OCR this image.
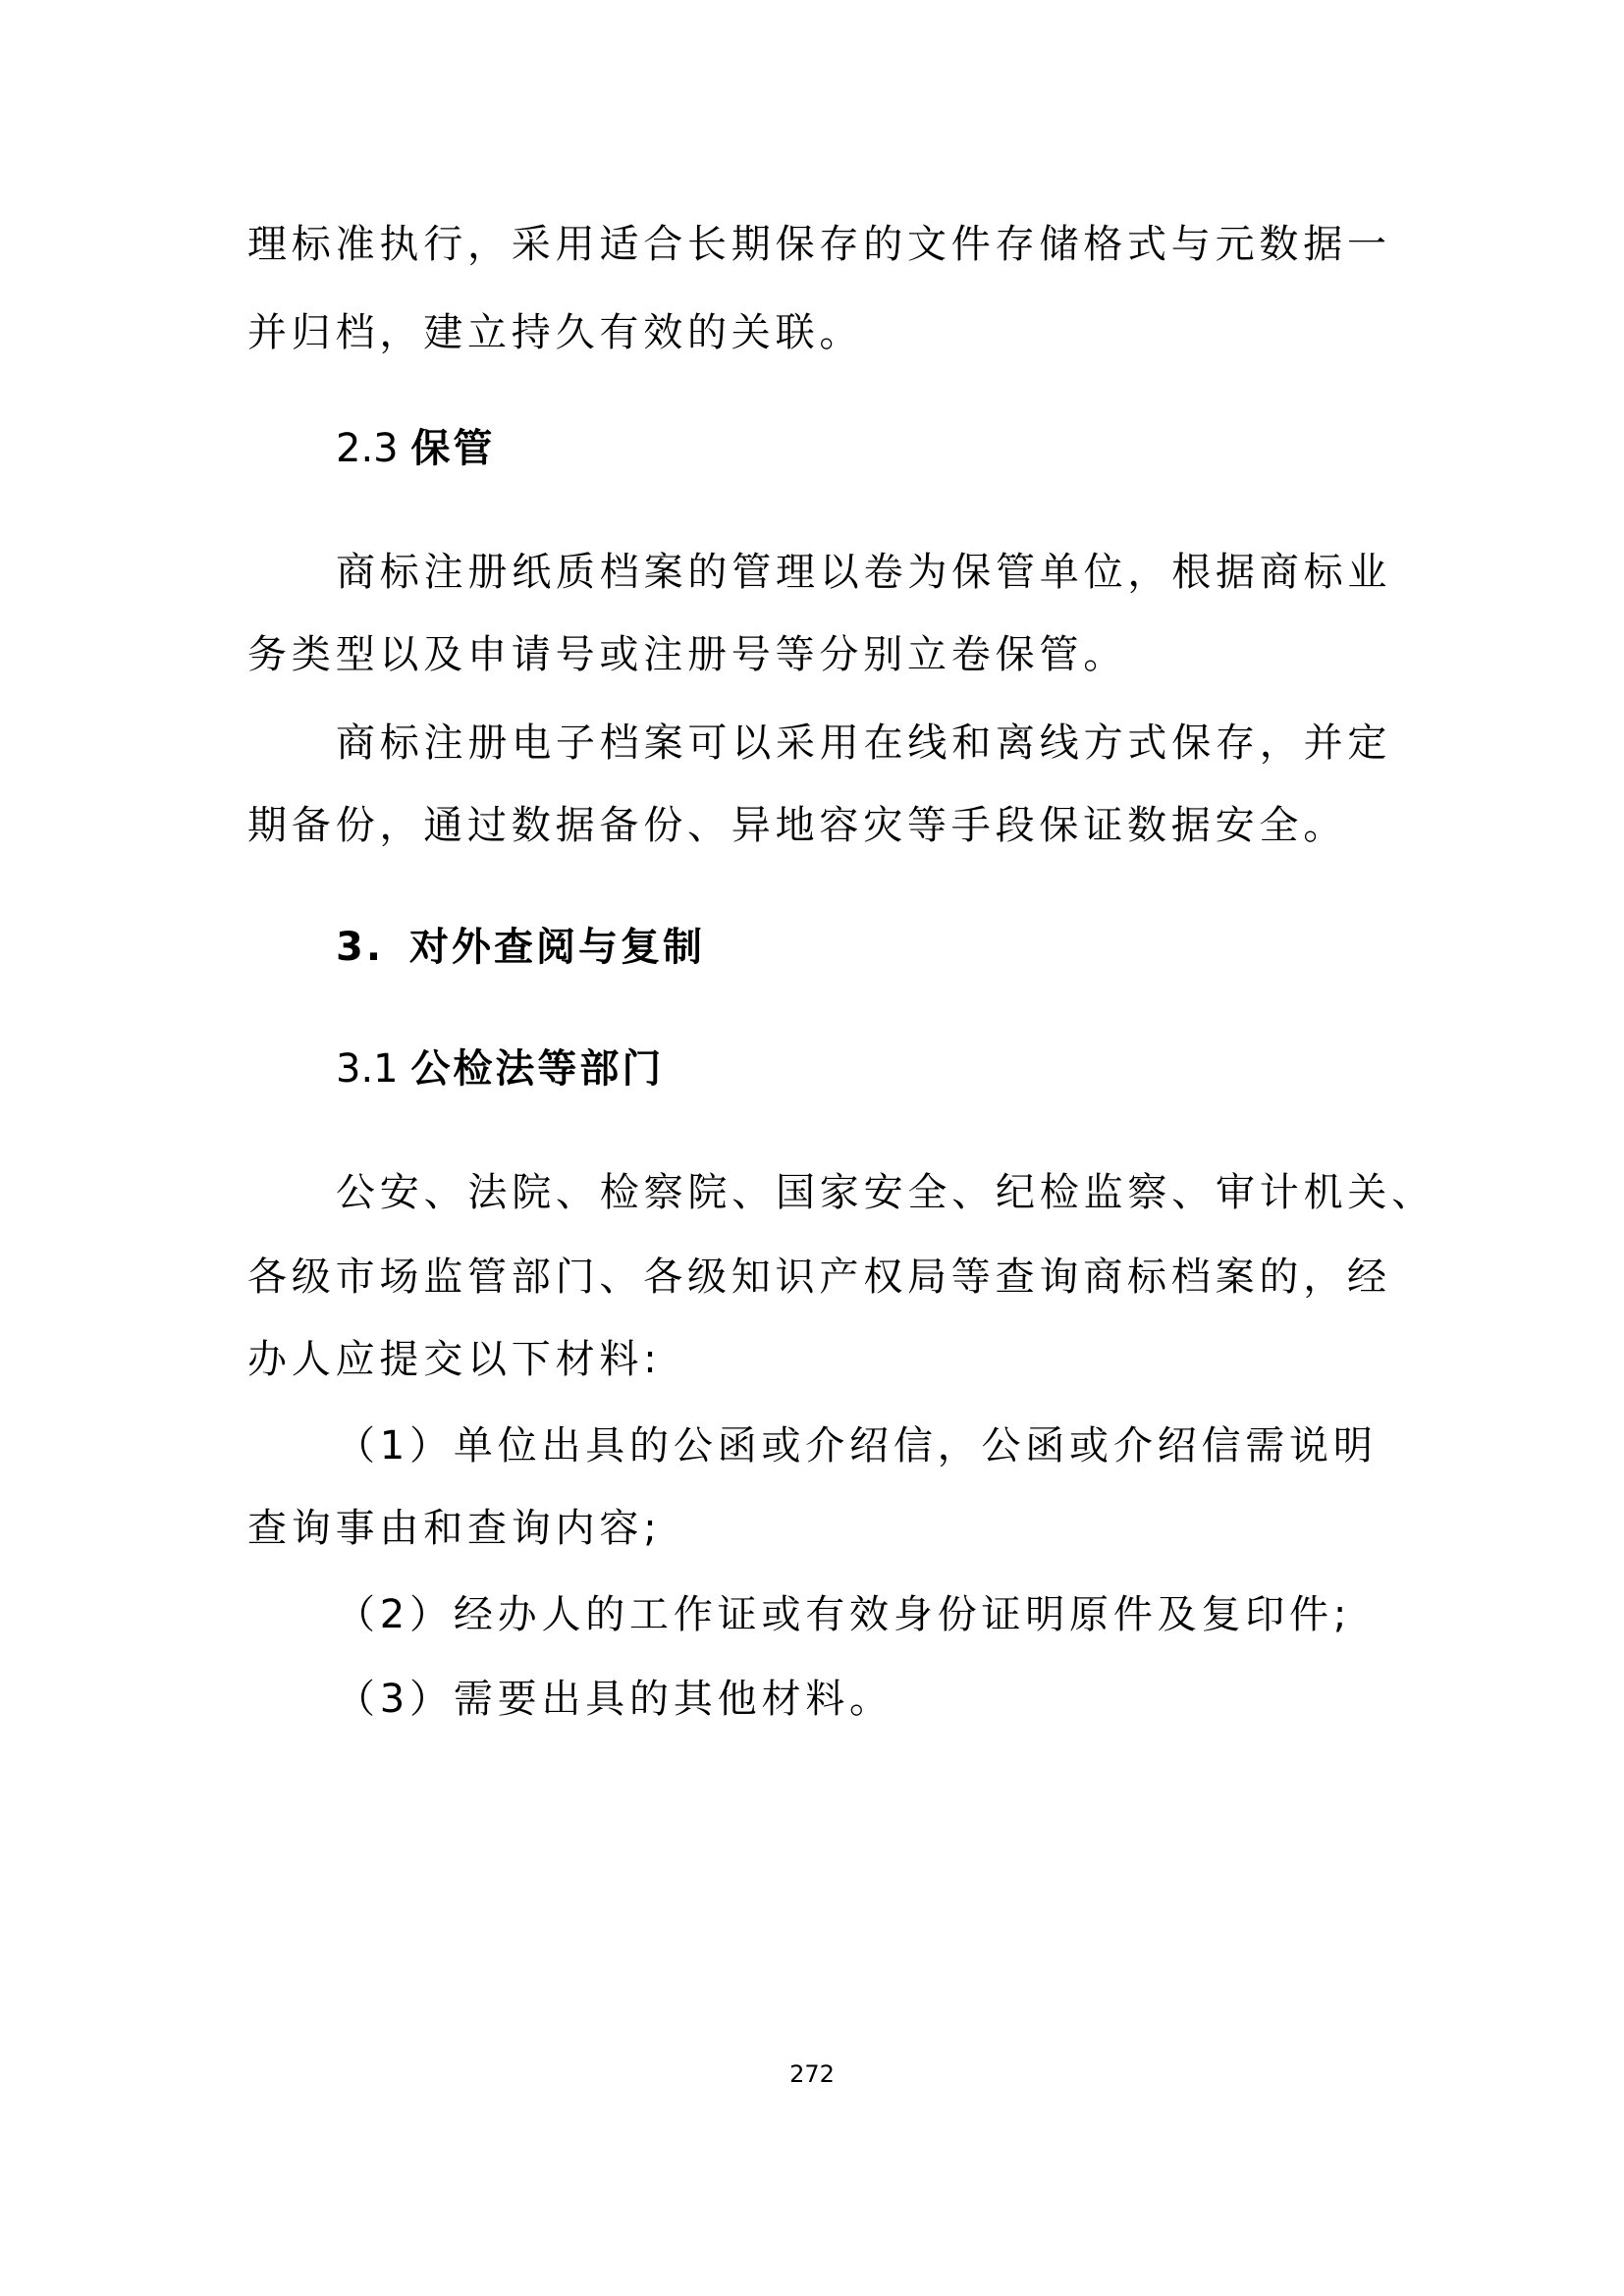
理标准执行，采用适合长期保存的文件存储格式与元数据一

并归档，建立持久有效的关联。

2.3 保管

商标注册纸质档案的管理以卷为保管单位，根据商标业

务类型以及申请号或注册号等分别立卷保管。

商标注册电子档案可以采用在线和离线方式保存，并定

期备份，通过数据备份、异地容灾等手段保证数据安全。

3. 对外查阅与复制
3.1 公检法等部门

公安、法院、检察院、国家安全、纪检监察、审计机关、

各级市场监管部门、各级知识产权局等查询商标档案的，经

办人应提交以下材料:

（1）单位出具的公函或介绍信，公函或介绍信需说明

查询事由和查询内容;

（2）经办人的工作证或有效身份证明原件及复印件;

（3）需要出具的其他材料。

272
